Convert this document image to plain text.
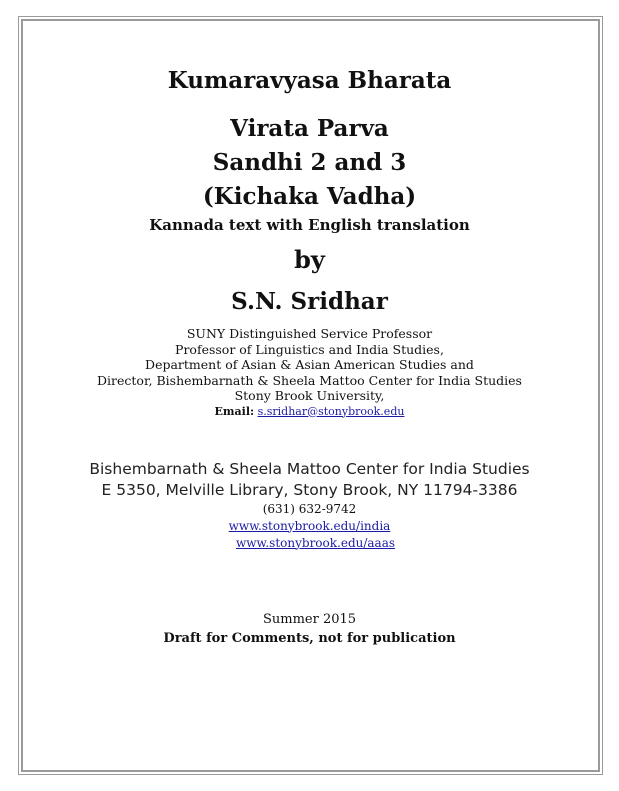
Kumaravyasa Bharata
Virata Parva
Sandhi 2 and 3
(Kichaka Vadha)
Kannada text with English translation
by
S.N. Sridhar
SUNY Distinguished Service Professor
Professor of Linguistics and India Studies,
Department of Asian & Asian American Studies and
Director, Bishembarnath & Sheela Mattoo Center for India Studies
Stony Brook University,
Email: s.sridhar@stonybrook.edu
Bishembarnath & Sheela Mattoo Center for India Studies
E 5350, Melville Library, Stony Brook, NY 11794-3386
(631) 632-9742
www.stonybrook.edu/india
www.stonybrook.edu/aaas
Summer 2015
Draft for Comments, not for publication
